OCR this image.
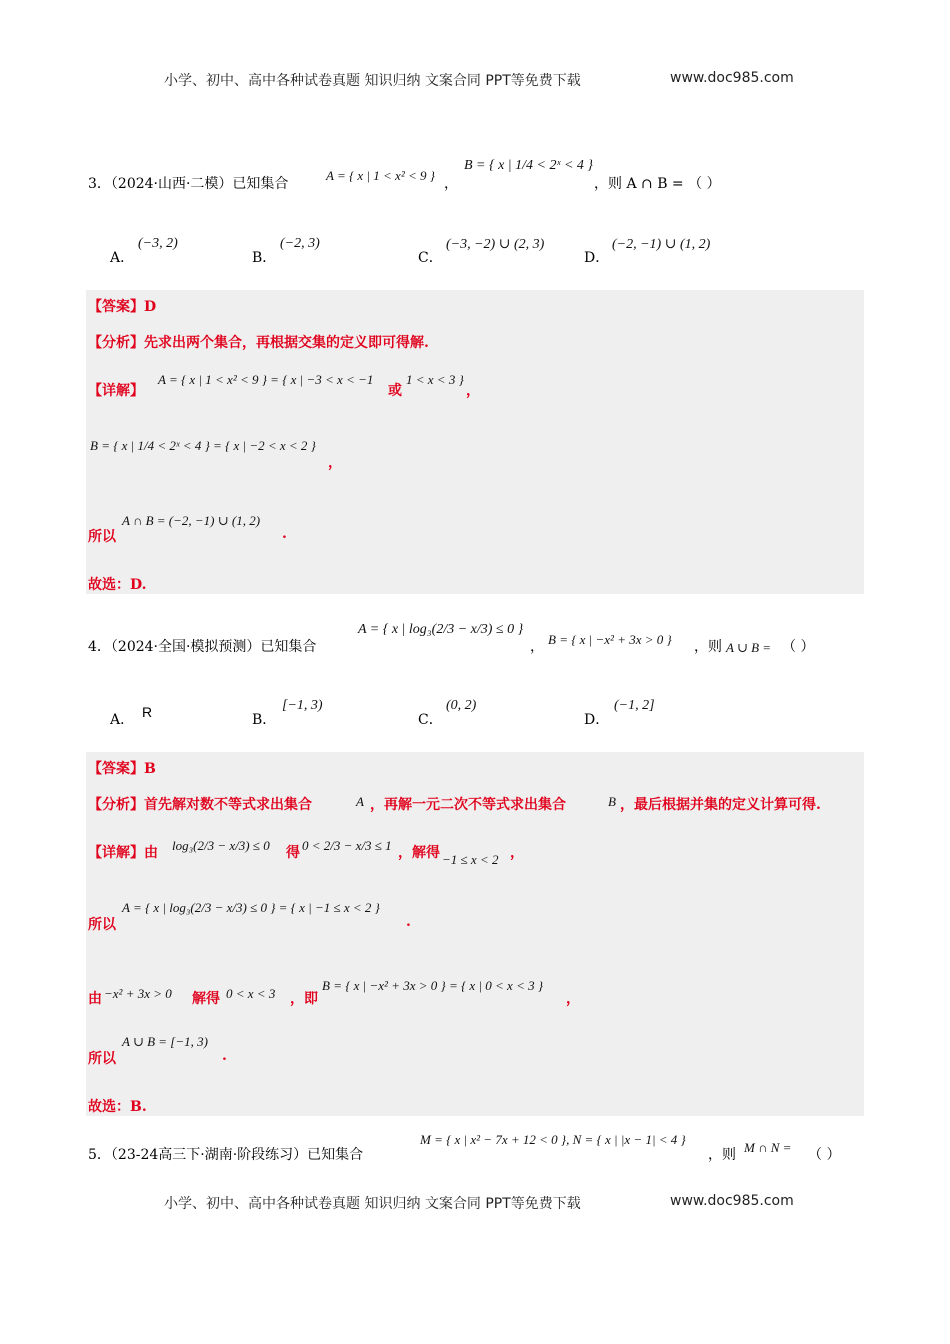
小学、初中、高中各种试卷真题 知识归纳 文案合同 PPT等免费下载	www.doc985.com
3．（2024·山西·二模）已知集合
A = { x | 1 < x² < 9 }
，
B = { x | 1/4 < 2ˣ < 4 }
，则 A ∩ B = （ ）
A．
(−3, 2)
B．
(−2, 3)
C．
(−3, −2) ∪ (2, 3)
D．
(−2, −1) ∪ (1, 2)
【答案】D
【分析】先求出两个集合，再根据交集的定义即可得解.
【详解】
A = { x | 1 < x² < 9 } = { x | −3 < x < −1
或
1 < x < 3 }
，
B = { x | 1/4 < 2ˣ < 4 } = { x | −2 < x < 2 }
，
所以
A ∩ B = (−2, −1) ∪ (1, 2)
.
故选：D.
4．（2024·全国·模拟预测）已知集合
A = { x | log₃(2/3 − x/3) ≤ 0 }
， B = { x | −x² + 3x > 0 } ，则 A ∪ B = （ ）
A． R	B．
[−1, 3)
C．
(0, 2)
D．
(−1, 2]
【答案】B
【分析】首先解对数不等式求出集合	A ，再解一元二次不等式求出集合	B ，最后根据并集的定义计算可得.
【详解】由 log₃(2/3 − x/3) ≤ 0 得 0 < 2/3 − x/3 ≤ 1 ，解得 −1 ≤ x < 2 ，
所以
A = { x | log₃(2/3 − x/3) ≤ 0 } = { x | −1 ≤ x < 2 }
.
由 −x² + 3x > 0 解得 0 < x < 3 ，即
B = { x | −x² + 3x > 0 } = { x | 0 < x < 3 }
，
所以
A ∪ B = [−1, 3)
.
故选：B.
5．（23-24高三下·湖南·阶段练习）已知集合
M = { x | x² − 7x + 12 < 0 }, N = { x | |x − 1| < 4 }
，则 M ∩ N = （ ）
小学、初中、高中各种试卷真题 知识归纳 文案合同 PPT等免费下载	www.doc985.com
